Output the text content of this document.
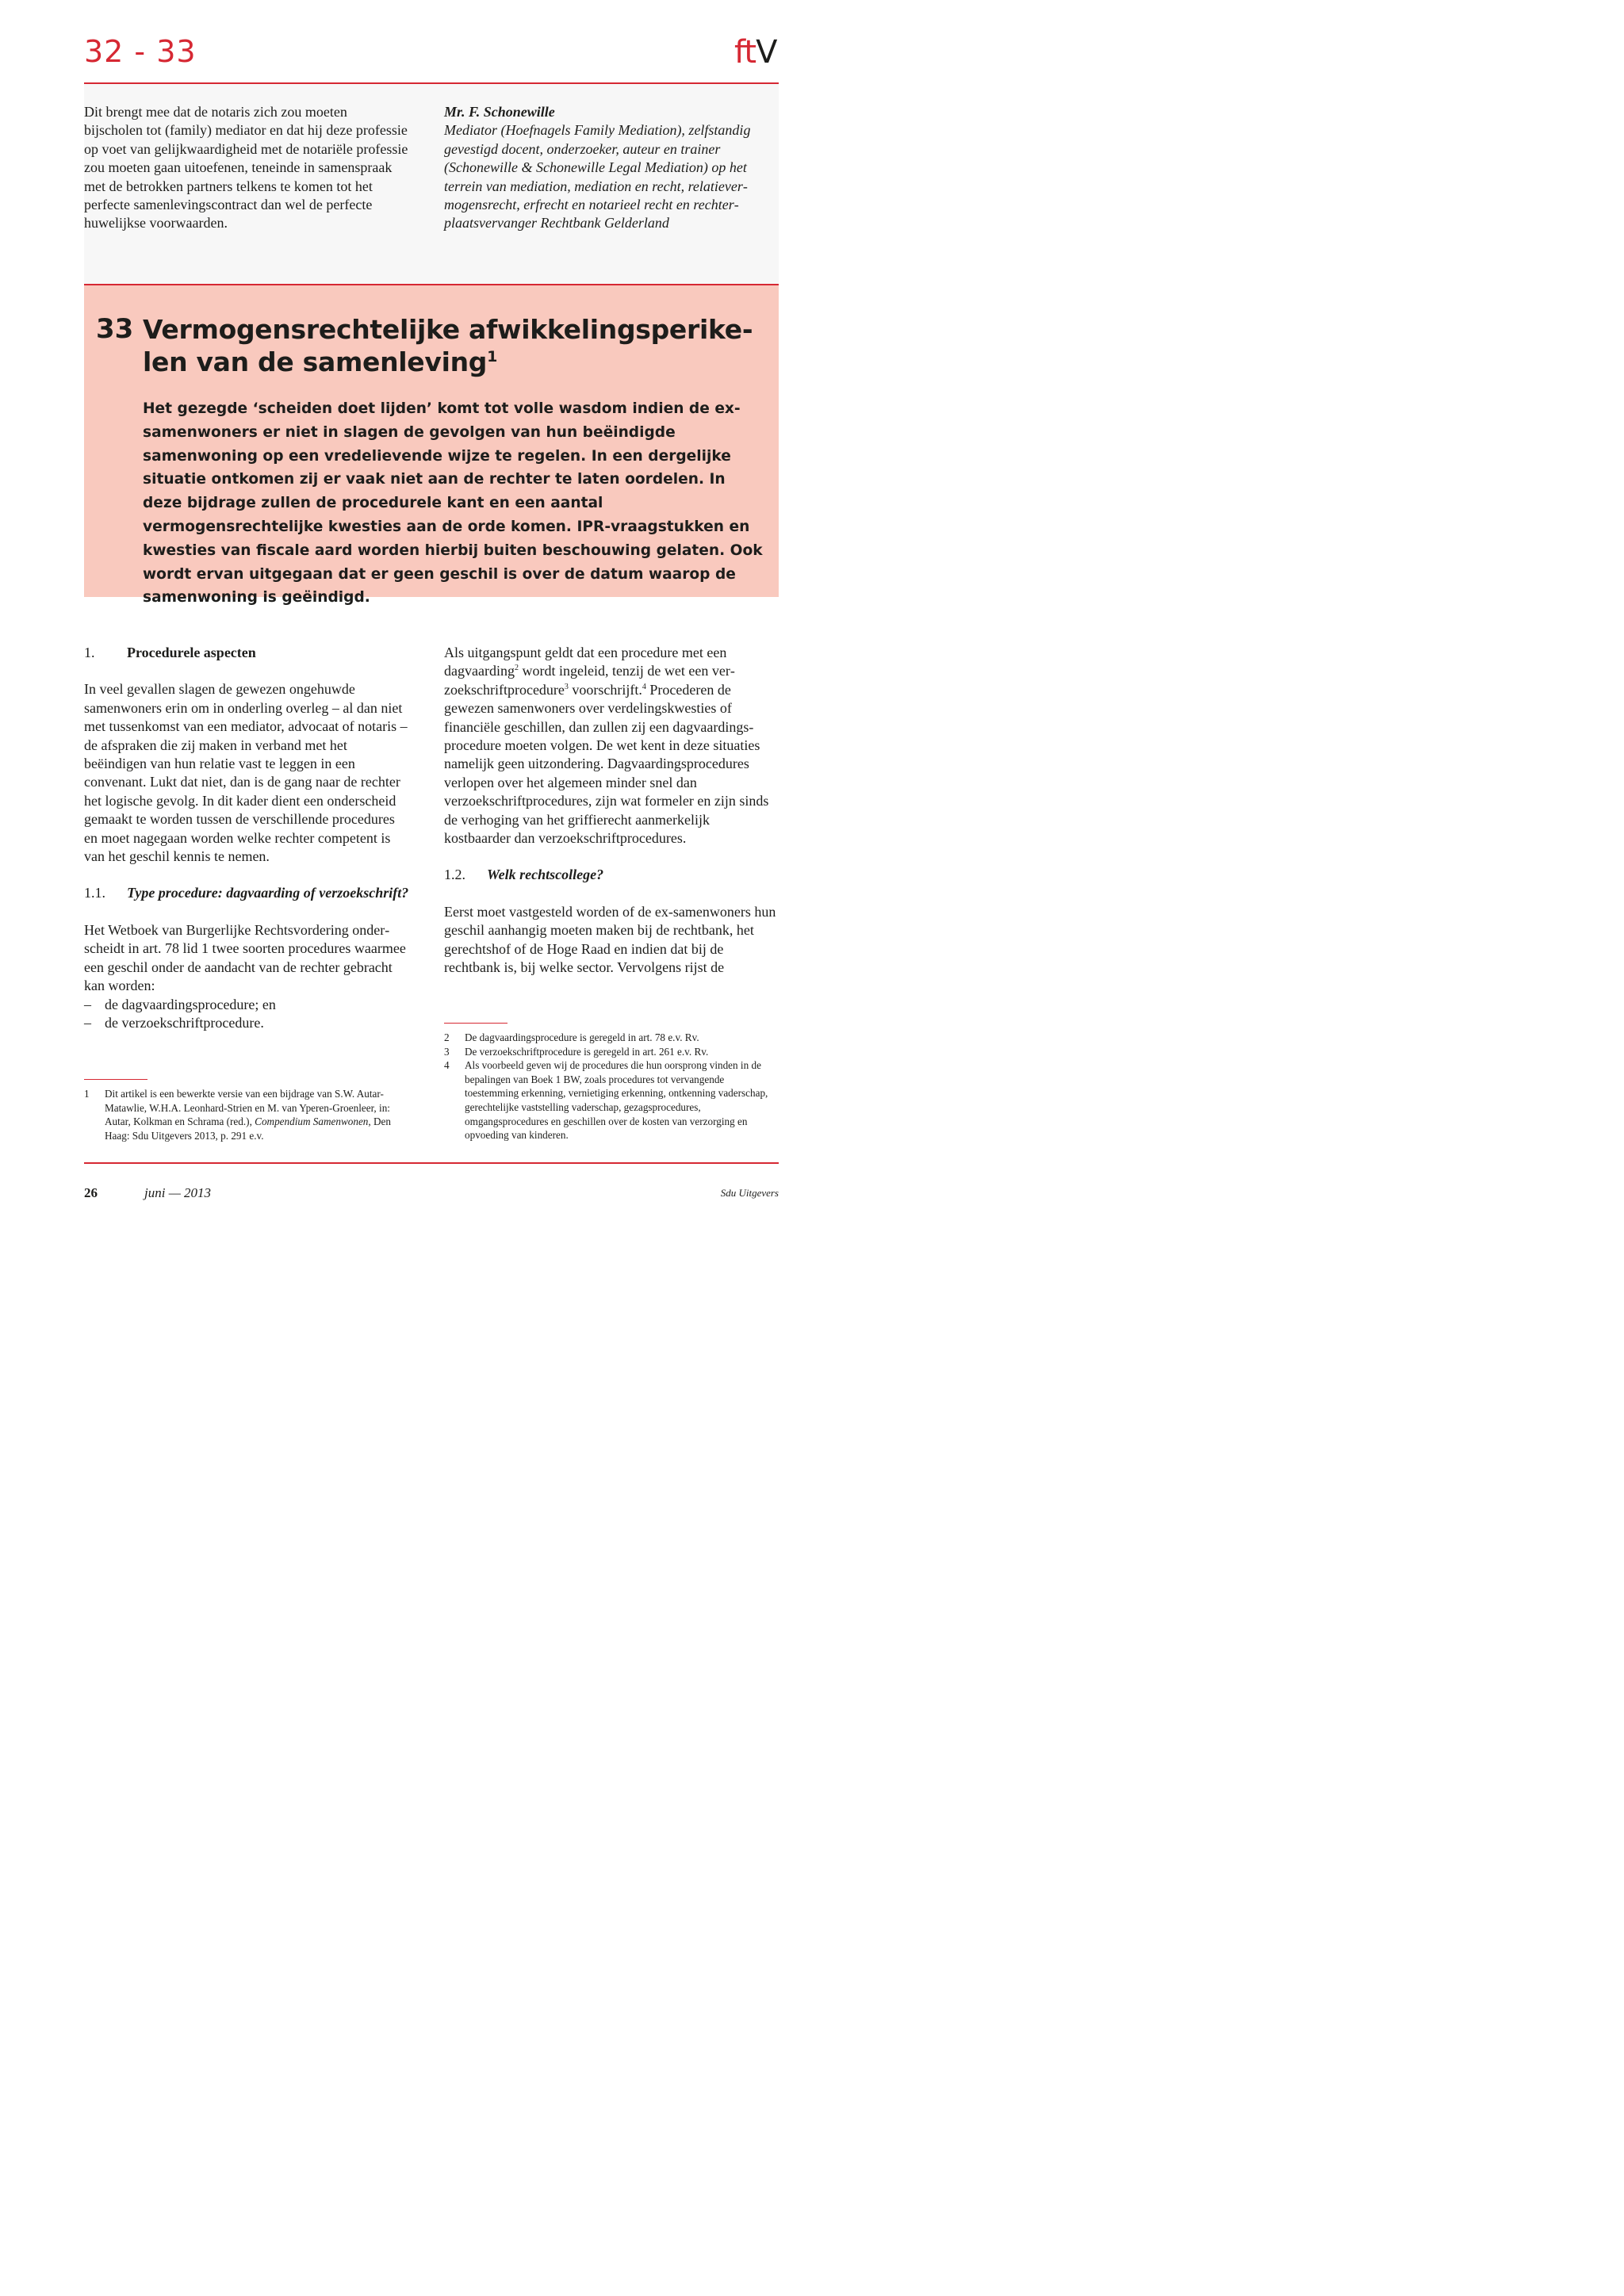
32 - 33	ftV

Dit brengt mee dat de notaris zich zou moeten bijscholen tot (family) mediator en dat hij deze professie op voet van gelijkwaardigheid met de notariële professie zou moeten gaan uitoefenen, teneinde in samenspraak met de betrokken partners telkens te komen tot het perfecte samenlevingscontract dan wel de perfecte huwelijkse voorwaarden.

Mr. F. Schonewille

Mediator (Hoefnagels Family Mediation), zelfstandig gevestigd docent, onderzoeker, auteur en trainer (Schonewille & Schonewille Legal Mediation) op het terrein van mediation, mediation en recht, relatievermogensrecht, erfrecht en notarieel recht en rechterplaatsvervanger Rechtbank Gelderland

33 Vermogensrechtelijke afwikkelingsperike-
len van de samenleving$^1$

Het gezegde ‘scheiden doet lijden’ komt tot volle wasdom indien de ex-samenwoners er niet in slagen de gevolgen van hun beëindigde samenwoning op een vredelievende wijze te regelen. In een dergelijke situatie ontkomen zij er vaak niet aan de rechter te laten oordelen. In deze bijdrage zullen de procedurele kant en een aantal vermogensrechtelijke kwesties aan de orde komen. IPR-vraagstukken en kwesties van fiscale aard worden hierbij buiten beschouwing gelaten. Ook wordt ervan uitgegaan dat er geen geschil is over de datum waarop de samenwoning is geëindigd.

1.	Procedurele aspecten

In veel gevallen slagen de gewezen ongehuwde samenwoners erin om in onderling overleg – al dan niet met tussenkomst van een mediator, advocaat of notaris – de afspraken die zij maken in verband met het beëindigen van hun relatie vast te leggen in een convenant. Lukt dat niet, dan is de gang naar de rechter het logische gevolg. In dit kader dient een onderscheid gemaakt te worden tussen de verschillende procedures en moet nagegaan worden welke rechter competent is van het geschil kennis te nemen.

1.1.	Type procedure: dagvaarding of verzoekschrift?

Het Wetboek van Burgerlijke Rechtsvordering onderscheidt in art. 78 lid 1 twee soorten procedures waarmee een geschil onder de aandacht van de rechter gebracht kan worden:

– de dagvaardingsprocedure; en
– de verzoekschriftprocedure.
1	Dit artikel is een bewerkte versie van een bijdrage van S.W. Autar-Matawlie, W.H.A. Leonhard-Strien en M. van Yperen-Groenleer, in: Autar, Kolkman en Schrama (red.), Compendium Samenwonen, Den Haag: Sdu Uitgevers 2013, p. 291 e.v.

Als uitgangspunt geldt dat een procedure met een dagvaarding$^2$ wordt ingeleid, tenzij de wet een verzoekschriftprocedure$^3$ voorschrijft.$^4$ Procederen de gewezen samenwoners over verdelingskwesties of financiële geschillen, dan zullen zij een dagvaardingsprocedure moeten volgen. De wet kent in deze situaties namelijk geen uitzondering. Dagvaardingsprocedures verlopen over het algemeen minder snel dan verzoekschriftprocedures, zijn wat formeler en zijn sinds de verhoging van het griffierecht aanmerkelijk kostbaarder dan verzoekschriftprocedures.

1.2.	Welk rechtscollege?

Eerst moet vastgesteld worden of de ex-samenwoners hun geschil aanhangig moeten maken bij de rechtbank, het gerechtshof of de Hoge Raad en indien dat bij de rechtbank is, bij welke sector. Vervolgens rijst de

2	De dagvaardingsprocedure is geregeld in art. 78 e.v. Rv.
3	De verzoekschriftprocedure is geregeld in art. 261 e.v. Rv.
4	Als voorbeeld geven wij de procedures die hun oorsprong vinden in de bepalingen van Boek 1 BW, zoals procedures tot vervangende toestemming erkenning, vernietiging erkenning, ontkenning vaderschap, gerechtelijke vaststelling vaderschap, gezagsprocedures, omgangsprocedures en geschillen over de kosten van verzorging en opvoeding van kinderen.
26	juni — 2013	Sdu Uitgevers
